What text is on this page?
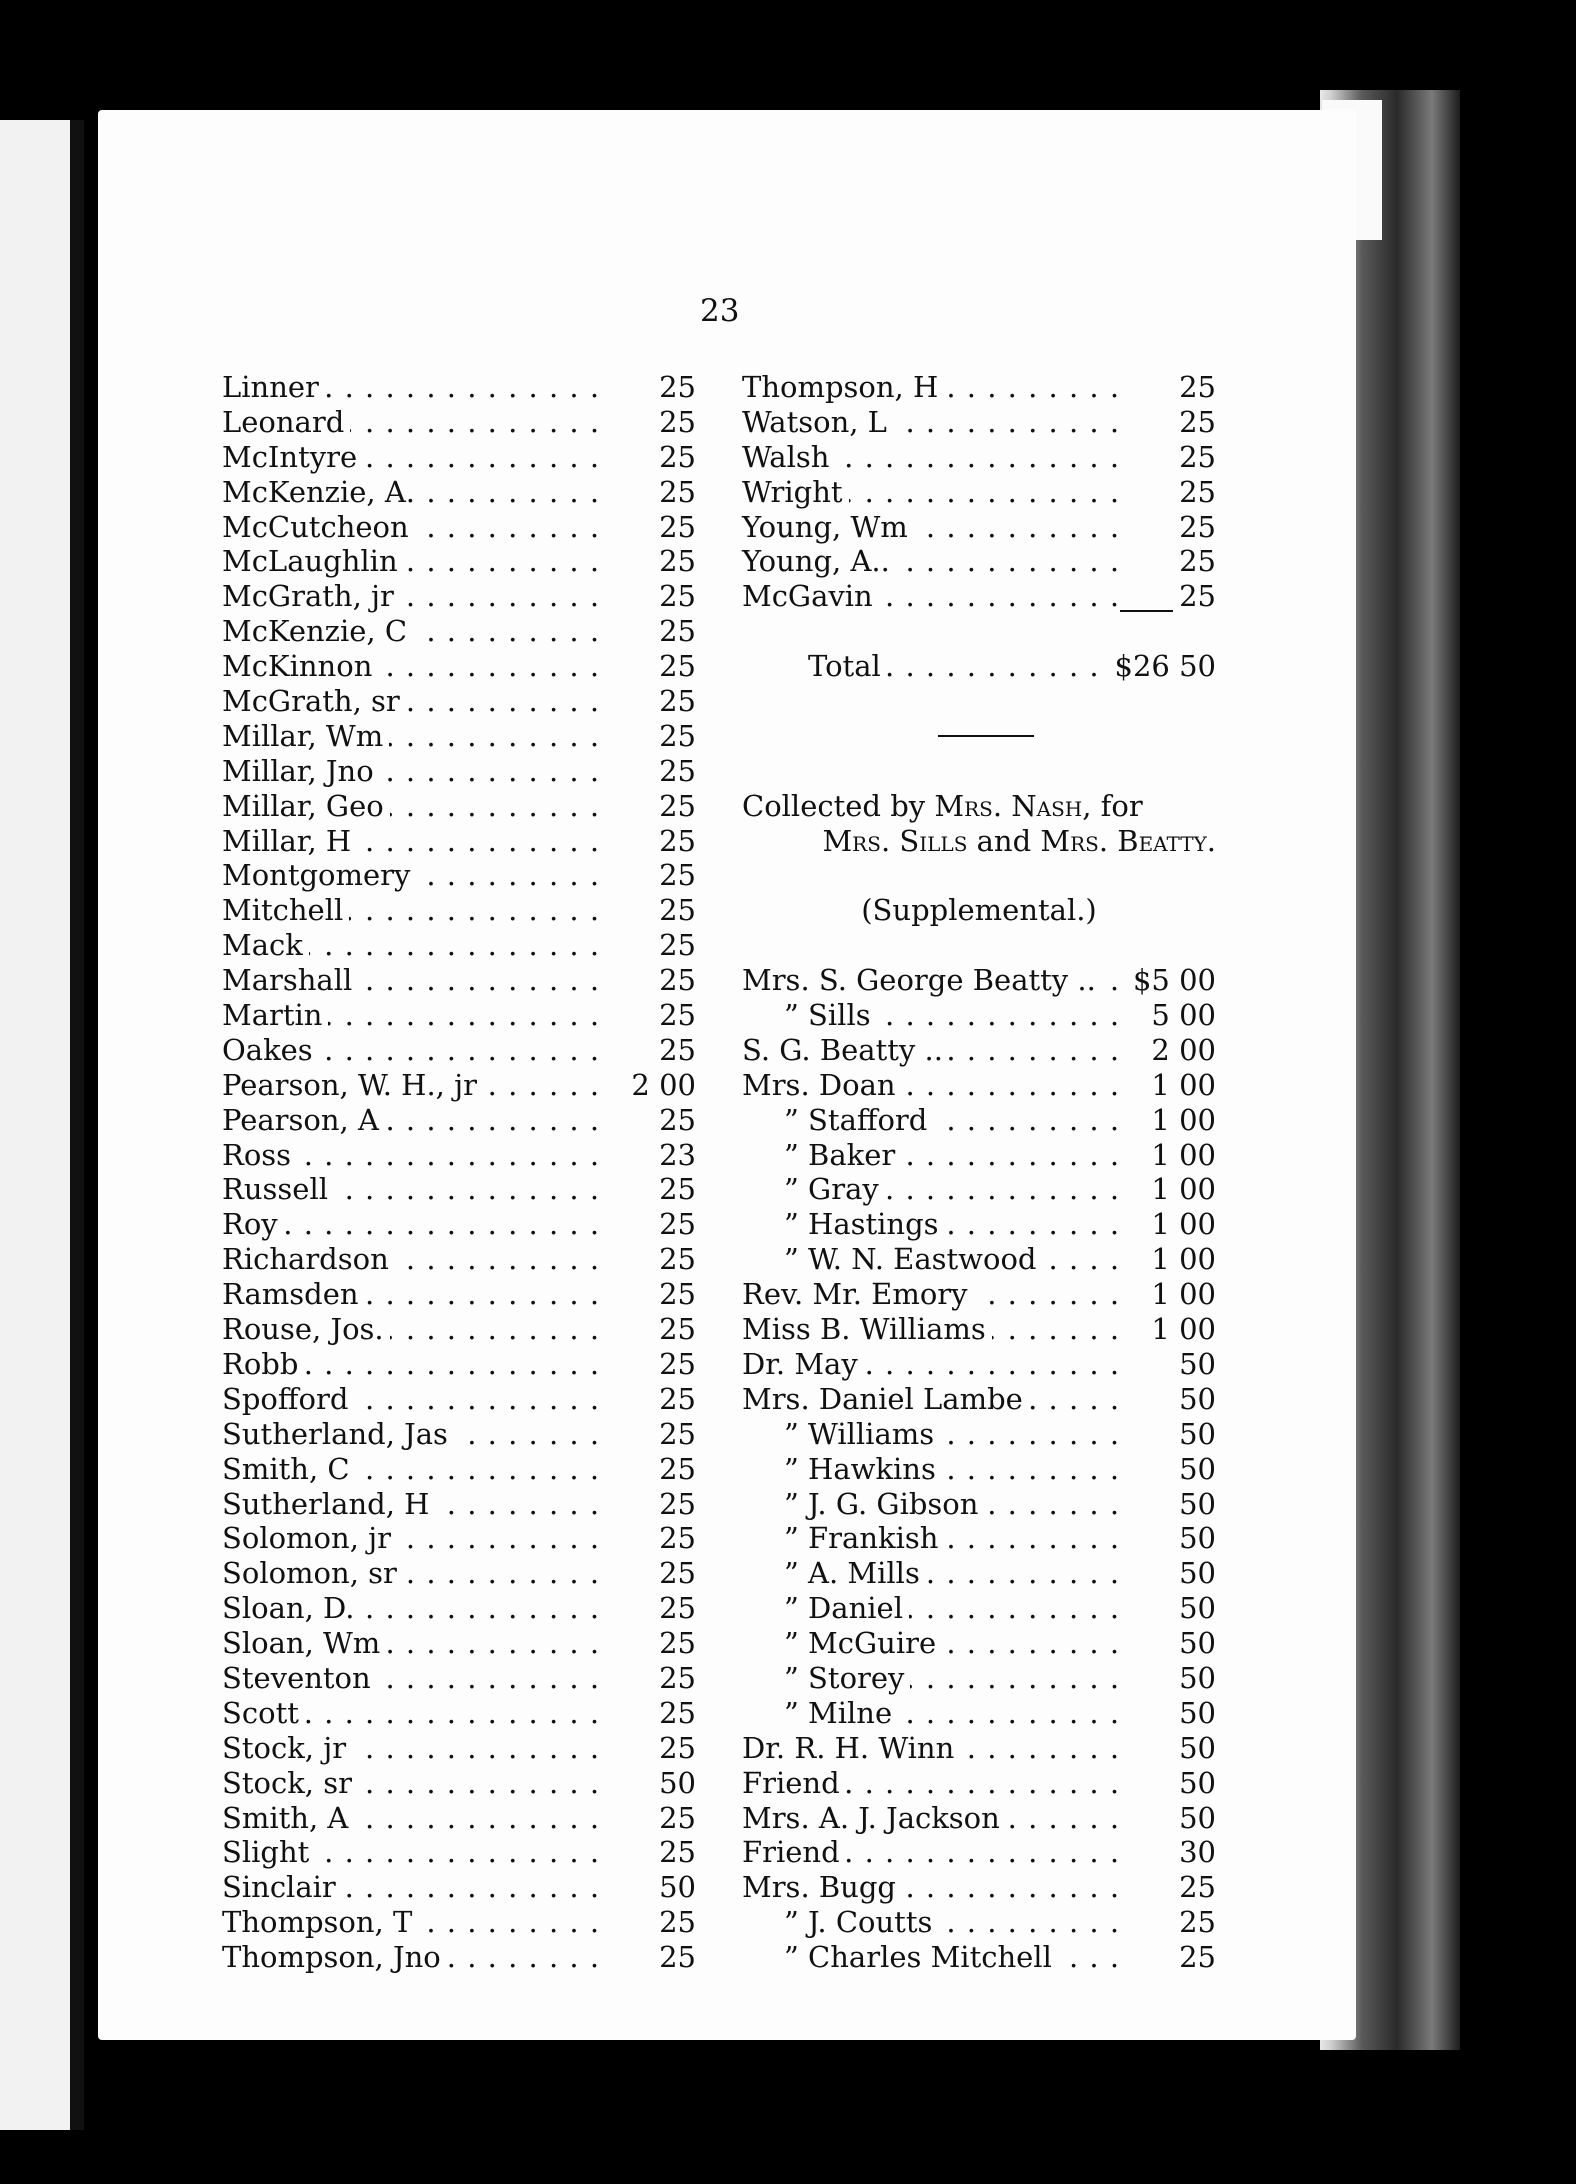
23
. . .
Linner	25
. . .
Leonard	25
. . .
McIntyre	25
. . .
McKenzie, A.	25
. . .
McCutcheon	25
. . .
McLaughlin	25
. . .
McGrath, jr	25
. . .
McKenzie, C	25
. . .
McKinnon	25
. . .
McGrath, sr	25
. . .
Millar, Wm	25
. . .
Millar, Jno	25
. . .
Millar, Geo	25
. . .
Millar, H	25
. . .
Montgomery	25
. . .
Mitchell	25
. . .
Mack	25
. . .
Marshall	25
. . .
Martin	25
. . .
Oakes	25
. . .
Pearson, W. H., jr	2 00
. . .
Pearson, A	25
. . .
Ross	23
. . .
Russell	25
. . .
Roy	25
. . .
Richardson	25
. . .
Ramsden	25
. . .
Rouse, Jos.	25
. . .
Robb	25
. . .
Spofford	25
. . .
Sutherland, Jas	25
. . .
Smith, C	25
. . .
Sutherland, H	25
. . .
Solomon, jr	25
. . .
Solomon, sr	25
. . .
Sloan, D.	25
. . .
Sloan, Wm	25
. . .
Steventon	25
. . .
Scott	25
. . .
Stock, jr	25
. . .
Stock, sr	50
. . .
Smith, A	25
. . .
Slight	25
. . .
Sinclair	50
. . .
Thompson, T	25
. . .
Thompson, Jno	25
. . .
Thompson, H	25
. . .
Watson, L	25
. . .
Walsh	25
. . .
Wright	25
. . .
Young, Wm	25
. . .
Young, A..	25
. . .
McGavin	25
. . .
Total	$26 50
Collected by Mrs. Nash, for
Mrs. Sills and Mrs. Beatty.
(Supplemental.)
. . .
Mrs. S. George Beatty .. $5 00
. . .
” Sills	5 00
. . .
S. G. Beatty ..	2 00
. . .
Mrs. Doan	1 00
. . .
” Stafford	1 00
. . .
” Baker	1 00
. . .
” Gray	1 00
. . .
” Hastings	1 00
. . .
” W. N. Eastwood	1 00
. . .
Rev. Mr. Emory	1 00
. . .
Miss B. Williams	1 00
. . .
Dr. May	50
. . .
Mrs. Daniel Lambe	50
. . .
” Williams	50
. . .
” Hawkins	50
. . .
” J. G. Gibson	50
. . .
” Frankish	50
. . .
” A. Mills	50
. . .
” Daniel	50
. . .
” McGuire	50
. . .
” Storey	50
. . .
” Milne	50
. . .
Dr. R. H. Winn	50
. . .
Friend	50
. . .
Mrs. A. J. Jackson	50
. . .
Friend	30
. . .
Mrs. Bugg	25
. . .
” J. Coutts	25
. . .
” Charles Mitchell	25
